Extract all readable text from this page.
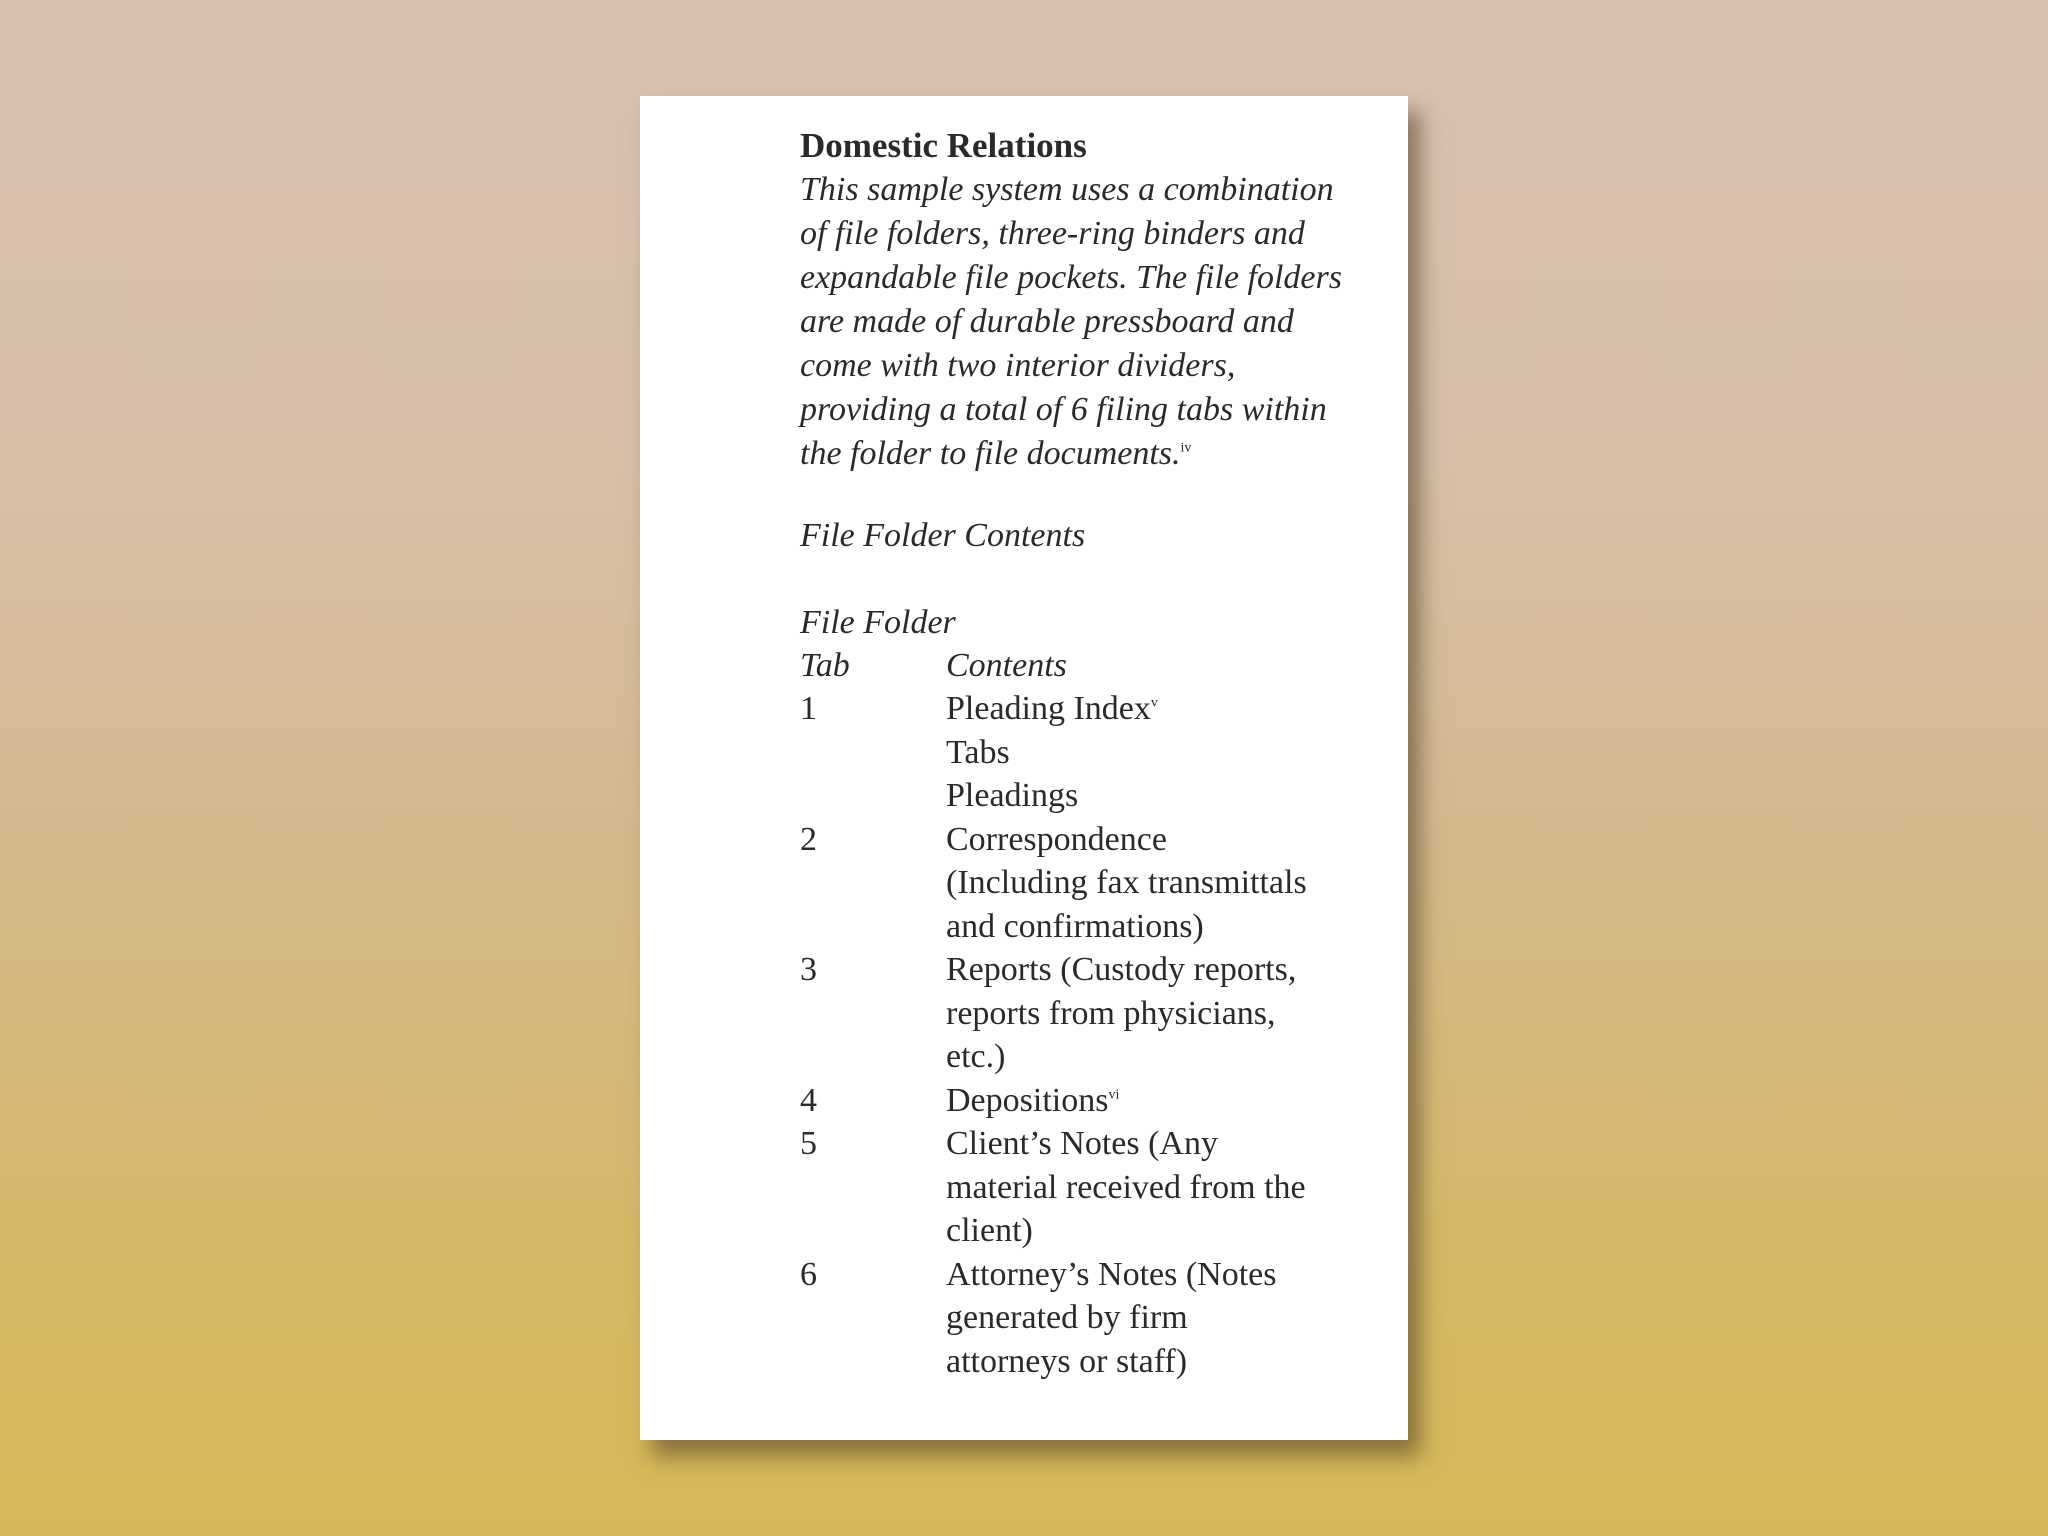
Domestic Relations

This sample system uses a combination of file folders, three-ring binders and expandable file pockets. The file folders are made of durable pressboard and come with two interior dividers, providing a total of 6 filing tabs within the folder to file documents.$^{iv}$

File Folder Contents

File Folder
Tab	Contents
1	Pleading Index$^v$
Tabs
Pleadings
2	Correspondence
(Including fax transmittals
and confirmations)
3	Reports (Custody reports,
reports from physicians,
etc.)
4	Depositions$^{vi}$
5	Client’s Notes (Any
material received from the
client)
6	Attorney’s Notes (Notes
generated by firm
attorneys or staff)
